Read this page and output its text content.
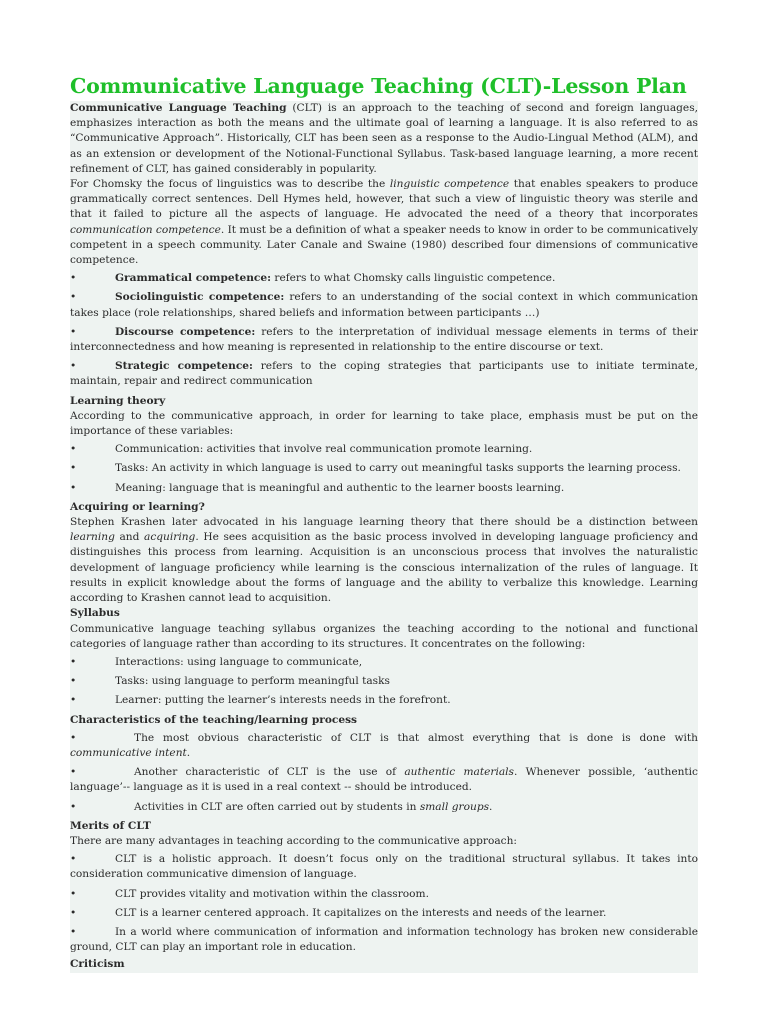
Communicative Language Teaching (CLT)-Lesson Plan

Communicative Language Teaching (CLT) is an approach to the teaching of second and foreign languages, emphasizes interaction as both the means and the ultimate goal of learning a language. It is also referred to as “Communicative Approach”. Historically, CLT has been seen as a response to the Audio-Lingual Method (ALM), and as an extension or development of the Notional-Functional Syllabus. Task-based language learning, a more recent refinement of CLT, has gained considerably in popularity.

For Chomsky the focus of linguistics was to describe the linguistic competence that enables speakers to produce grammatically correct sentences. Dell Hymes held, however, that such a view of linguistic theory was sterile and that it failed to picture all the aspects of language. He advocated the need of a theory that incorporates communication competence. It must be a definition of what a speaker needs to know in order to be communicatively competent in a speech community. Later Canale and Swaine (1980) described four dimensions of communicative competence.

•	Grammatical competence: refers to what Chomsky calls linguistic competence.

•	Sociolinguistic competence: refers to an understanding of the social context in which communication takes place (role relationships, shared beliefs and information between participants …)

•	Discourse competence: refers to the interpretation of individual message elements in terms of their interconnectedness and how meaning is represented in relationship to the entire discourse or text.

•	Strategic competence: refers to the coping strategies that participants use to initiate terminate, maintain, repair and redirect communication

Learning theory

According to the communicative approach, in order for learning to take place, emphasis must be put on the importance of these variables:

•	Communication: activities that involve real communication promote learning.

•	Tasks: An activity in which language is used to carry out meaningful tasks supports the learning process.

•	Meaning: language that is meaningful and authentic to the learner boosts learning.

Acquiring or learning?

Stephen Krashen later advocated in his language learning theory that there should be a distinction between learning and acquiring. He sees acquisition as the basic process involved in developing language proficiency and distinguishes this process from learning. Acquisition is an unconscious process that involves the naturalistic development of language proficiency while learning is the conscious internalization of the rules of language. It results in explicit knowledge about the forms of language and the ability to verbalize this knowledge. Learning according to Krashen cannot lead to acquisition.

Syllabus

Communicative language teaching syllabus organizes the teaching according to the notional and functional categories of language rather than according to its structures. It concentrates on the following:

•	Interactions: using language to communicate,

•	Tasks: using language to perform meaningful tasks

•	Learner: putting the learner’s interests needs in the forefront.

Characteristics of the teaching/learning process

•	The most obvious characteristic of CLT is that almost everything that is done is done with communicative intent.

•	Another characteristic of CLT is the use of authentic materials. Whenever possible, ‘authentic language’-- language as it is used in a real context -- should be introduced.

•	Activities in CLT are often carried out by students in small groups.

Merits of CLT

There are many advantages in teaching according to the communicative approach:

•	CLT is a holistic approach. It doesn’t focus only on the traditional structural syllabus. It takes into consideration communicative dimension of language.

•	CLT provides vitality and motivation within the classroom.

•	CLT is a learner centered approach. It capitalizes on the interests and needs of the learner.

•	In a world where communication of information and information technology has broken new considerable ground, CLT can play an important role in education.

Criticism
